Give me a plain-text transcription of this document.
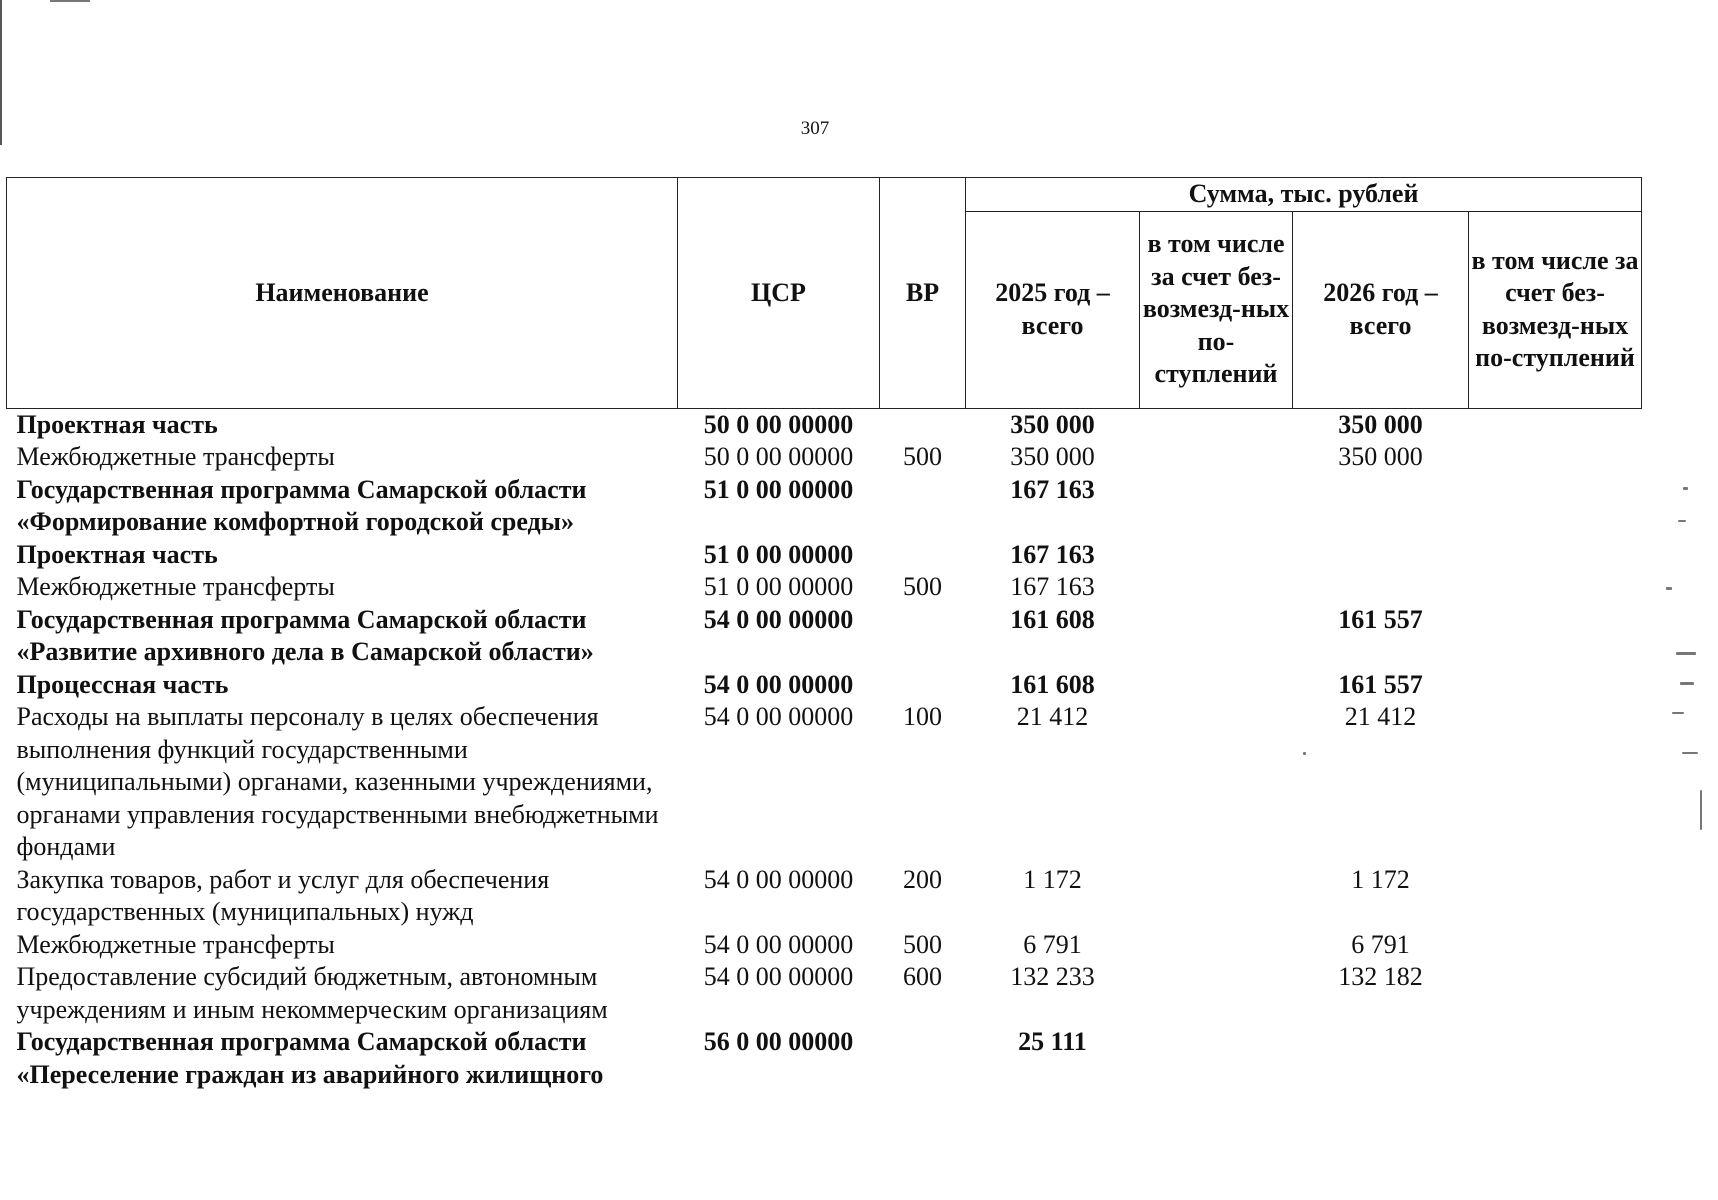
307
Наименование	ЦСР	ВР	Сумма, тыс. рублей			
			2025 год – всего	в том числе за счет без-возмезд-ных по-ступлений	2026 год – всего	в том числе за счет без-возмезд-ных по-ступлений
Проектная часть	50 0 00 00000		350 000		350 000	
Межбюджетные трансферты	50 0 00 00000	500	350 000		350 000	
Государственная программа Самарской области «Формирование комфортной городской среды»	51 0 00 00000		167 163			
Проектная часть	51 0 00 00000		167 163			
Межбюджетные трансферты	51 0 00 00000	500	167 163			
Государственная программа Самарской области «Развитие архивного дела в Самарской области»	54 0 00 00000		161 608		161 557	
Процессная часть	54 0 00 00000		161 608		161 557	
Расходы на выплаты персоналу в целях обеспечения выполнения функций государственными (муниципальными) органами, казенными учреждениями, органами управления государственными внебюджетными фондами	54 0 00 00000	100	21 412		21 412	
Закупка товаров, работ и услуг для обеспечения государственных (муниципальных) нужд	54 0 00 00000	200	1 172		1 172	
Межбюджетные трансферты	54 0 00 00000	500	6 791		6 791	
Предоставление субсидий бюджетным, автономным учреждениям и иным некоммерческим организациям	54 0 00 00000	600	132 233		132 182	
Государственная программа Самарской области «Переселение граждан из аварийного жилищного	56 0 00 00000		25 111			
